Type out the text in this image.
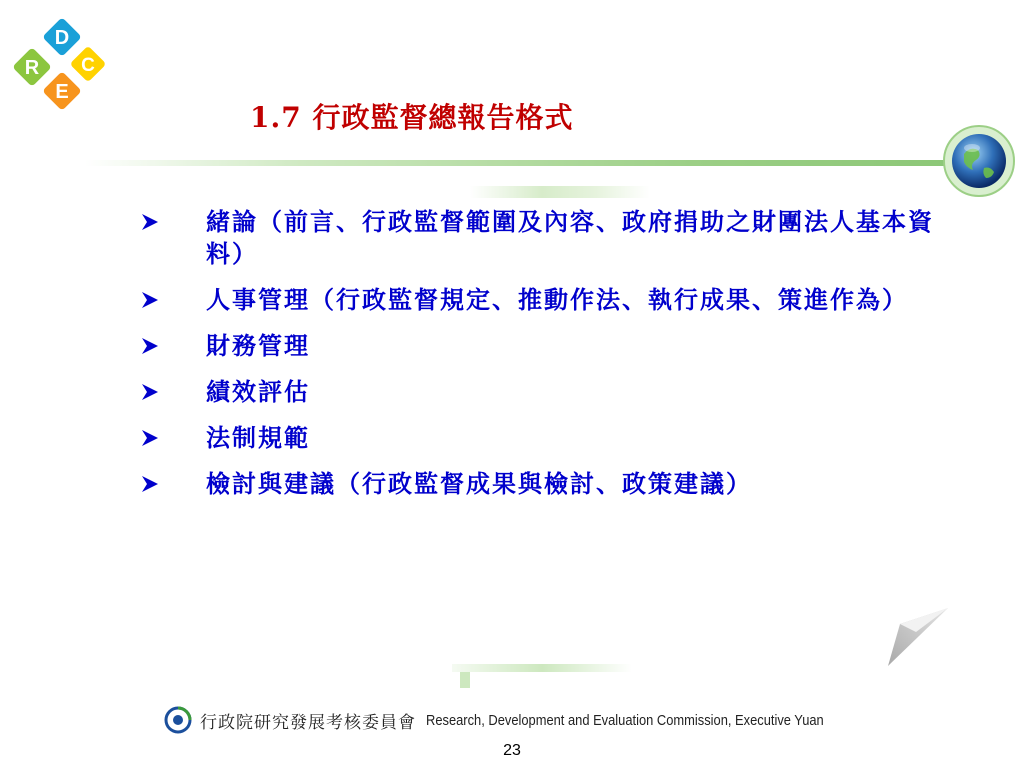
R
D
E
C
1.7 行政監督總報告格式
緒論（前言、行政監督範圍及內容、政府捐助之財團法人基本資料）
人事管理（行政監督規定、推動作法、執行成果、策進作為）
財務管理
績效評估
法制規範
檢討與建議（行政監督成果與檢討、政策建議）
行政院研究發展考核委員會 Research, Development and Evaluation Commission, Executive Yuan
23
